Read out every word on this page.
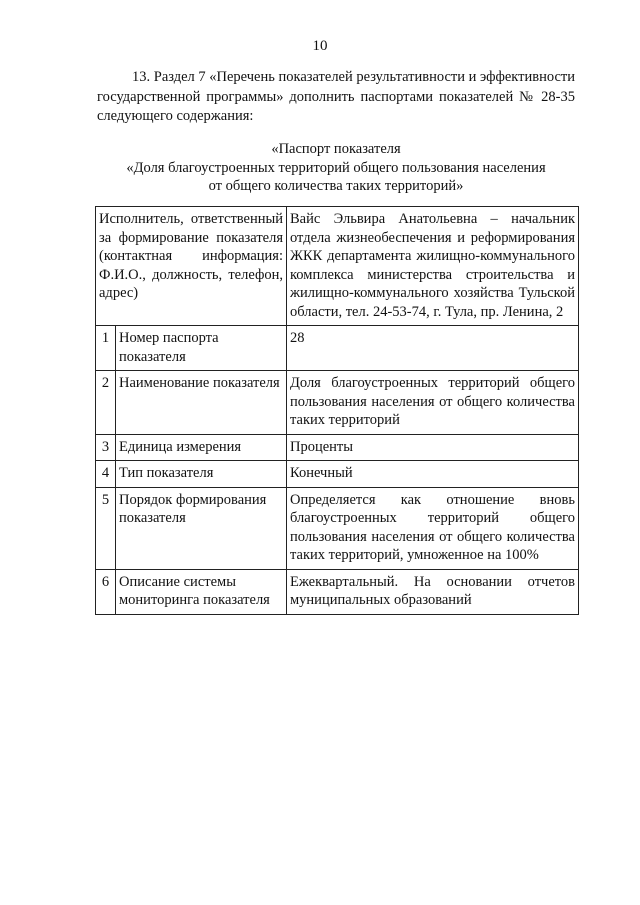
10

13. Раздел 7 «Перечень показателей результативности и эффективности государственной программы» дополнить паспортами показателей № 28-35 следующего содержания:

«Паспорт показателя
«Доля благоустроенных территорий общего пользования населения
от общего количества таких территорий»
Исполнитель, ответственный за формирование показателя (контактная информация: Ф.И.О., должность, телефон, адрес)		Вайс Эльвира Анатольевна – начальник отдела жизнеобеспечения и реформирования ЖКК департамента жилищно-коммунального комплекса министерства строительства и жилищно-коммунального хозяйства Тульской области, тел. 24-53-74, г. Тула, пр. Ленина, 2
1	Номер паспорта показателя	28
2	Наименование показателя	Доля благоустроенных территорий общего пользования населения от общего количества таких территорий
3	Единица измерения	Проценты
4	Тип показателя	Конечный
5	Порядок формирования показателя	Определяется как отношение вновь благоустроенных территорий общего пользования населения от общего количества таких территорий, умноженное на 100%
6	Описание системы мониторинга показателя	Ежеквартальный. На основании отчетов муниципальных образований
